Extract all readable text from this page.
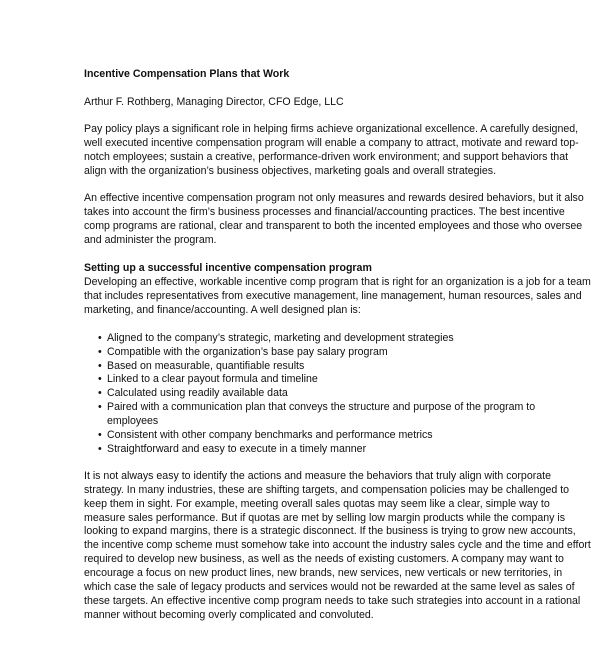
Incentive Compensation Plans that Work
Arthur F. Rothberg, Managing Director, CFO Edge, LLC
Pay policy plays a significant role in helping firms achieve organizational excellence. A carefully designed,
well executed incentive compensation program will enable a company to attract, motivate and reward top-
notch employees; sustain a creative, performance-driven work environment; and support behaviors that
align with the organization’s business objectives, marketing goals and overall strategies.
An effective incentive compensation program not only measures and rewards desired behaviors, but it also
takes into account the firm’s business processes and financial/accounting practices. The best incentive
comp programs are rational, clear and transparent to both the incented employees and those who oversee
and administer the program.
Setting up a successful incentive compensation program
Developing an effective, workable incentive comp program that is right for an organization is a job for a team
that includes representatives from executive management, line management, human resources, sales and
marketing, and finance/accounting. A well designed plan is:
• Aligned to the company’s strategic, marketing and development strategies
• Compatible with the organization’s base pay salary program
• Based on measurable, quantifiable results
• Linked to a clear payout formula and timeline
• Calculated using readily available data
• Paired with a communication plan that conveys the structure and purpose of the program to
employees
• Consistent with other company benchmarks and performance metrics
• Straightforward and easy to execute in a timely manner
It is not always easy to identify the actions and measure the behaviors that truly align with corporate
strategy. In many industries, these are shifting targets, and compensation policies may be challenged to
keep them in sight. For example, meeting overall sales quotas may seem like a clear, simple way to
measure sales performance. But if quotas are met by selling low margin products while the company is
looking to expand margins, there is a strategic disconnect. If the business is trying to grow new accounts,
the incentive comp scheme must somehow take into account the industry sales cycle and the time and effort
required to develop new business, as well as the needs of existing customers. A company may want to
encourage a focus on new product lines, new brands, new services, new verticals or new territories, in
which case the sale of legacy products and services would not be rewarded at the same level as sales of
these targets. An effective incentive comp program needs to take such strategies into account in a rational
manner without becoming overly complicated and convoluted.
